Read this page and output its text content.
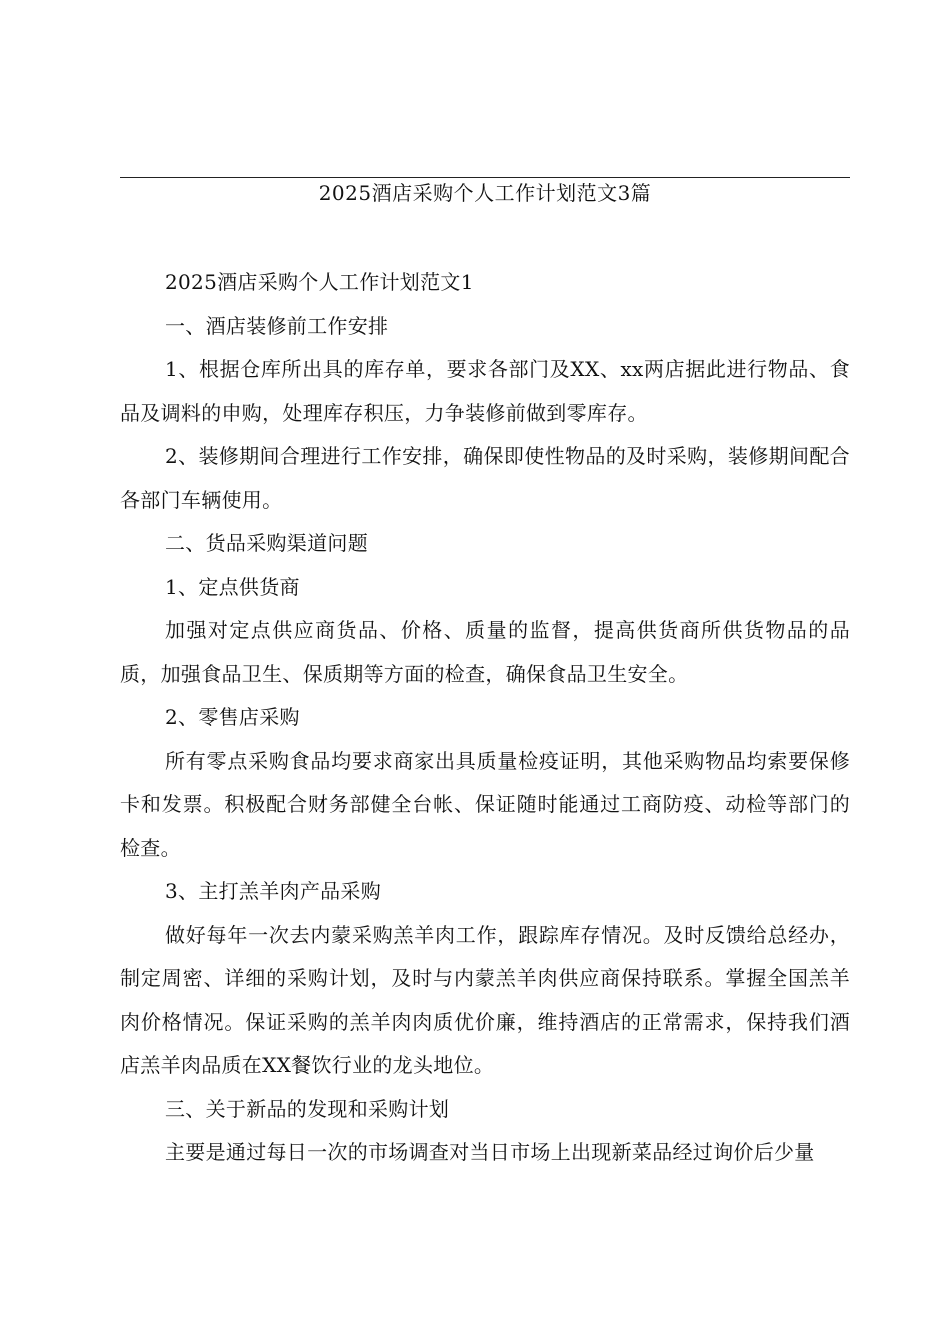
2025酒店采购个人工作计划范文3篇

2025酒店采购个人工作计划范文1

一、酒店装修前工作安排

1、根据仓库所出具的库存单，要求各部门及XX、xx两店据此进行物品、食品及调料的申购，处理库存积压，力争装修前做到零库存。

2、装修期间合理进行工作安排，确保即使性物品的及时采购，装修期间配合各部门车辆使用。

二、货品采购渠道问题

1、定点供货商

加强对定点供应商货品、价格、质量的监督，提高供货商所供货物品的品质，加强食品卫生、保质期等方面的检查，确保食品卫生安全。

2、零售店采购

所有零点采购食品均要求商家出具质量检疫证明，其他采购物品均索要保修卡和发票。积极配合财务部健全台帐、保证随时能通过工商防疫、动检等部门的检查。

3、主打羔羊肉产品采购

做好每年一次去内蒙采购羔羊肉工作，跟踪库存情况。及时反馈给总经办，制定周密、详细的采购计划，及时与内蒙羔羊肉供应商保持联系。掌握全国羔羊肉价格情况。保证采购的羔羊肉肉质优价廉，维持酒店的正常需求，保持我们酒店羔羊肉品质在XX餐饮行业的龙头地位。

三、关于新品的发现和采购计划

主要是通过每日一次的市场调查对当日市场上出现新菜品经过询价后少量
